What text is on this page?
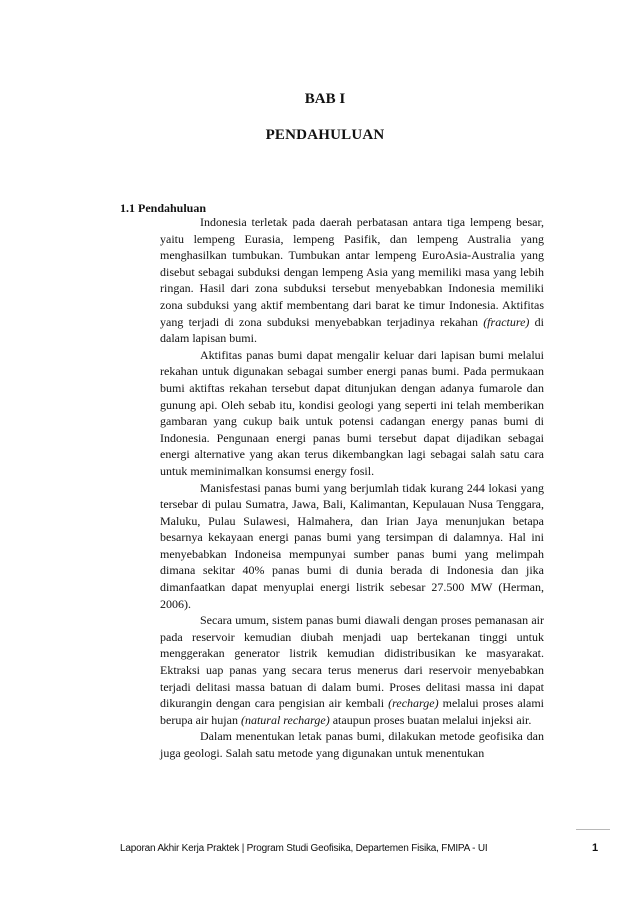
BAB I
PENDAHULUAN
1.1 Pendahuluan

Indonesia terletak pada daerah perbatasan antara tiga lempeng besar, yaitu lempeng Eurasia, lempeng Pasifik, dan lempeng Australia yang menghasilkan tumbukan. Tumbukan antar lempeng EuroAsia-Australia yang disebut sebagai subduksi dengan lempeng Asia yang memiliki masa yang lebih ringan. Hasil dari zona subduksi tersebut menyebabkan Indonesia memiliki zona subduksi yang aktif membentang dari barat ke timur Indonesia. Aktifitas yang terjadi di zona subduksi menyebabkan terjadinya rekahan (fracture) di dalam lapisan bumi.

Aktifitas panas bumi dapat mengalir keluar dari lapisan bumi melalui rekahan untuk digunakan sebagai sumber energi panas bumi. Pada permukaan bumi aktiftas rekahan tersebut dapat ditunjukan dengan adanya fumarole dan gunung api. Oleh sebab itu, kondisi geologi yang seperti ini telah memberikan gambaran yang cukup baik untuk potensi cadangan energy panas bumi di Indonesia. Pengunaan energi panas bumi tersebut dapat dijadikan sebagai energi alternative yang akan terus dikembangkan lagi sebagai salah satu cara untuk meminimalkan konsumsi energy fosil.

Manisfestasi panas bumi yang berjumlah tidak kurang 244 lokasi yang tersebar di pulau Sumatra, Jawa, Bali, Kalimantan, Kepulauan Nusa Tenggara, Maluku, Pulau Sulawesi, Halmahera, dan Irian Jaya menunjukan betapa besarnya kekayaan energi panas bumi yang tersimpan di dalamnya. Hal ini menyebabkan Indoneisa mempunyai sumber panas bumi yang melimpah dimana sekitar 40% panas bumi di dunia berada di Indonesia dan jika dimanfaatkan dapat menyuplai energi listrik sebesar 27.500 MW (Herman, 2006).

Secara umum, sistem panas bumi diawali dengan proses pemanasan air pada reservoir kemudian diubah menjadi uap bertekanan tinggi untuk menggerakan generator listrik kemudian didistribusikan ke masyarakat. Ektraksi uap panas yang secara terus menerus dari reservoir menyebabkan terjadi delitasi massa batuan di dalam bumi. Proses delitasi massa ini dapat dikurangin dengan cara pengisian air kembali (recharge) melalui proses alami berupa air hujan (natural recharge) ataupun proses buatan melalui injeksi air.

Dalam menentukan letak panas bumi, dilakukan metode geofisika dan juga geologi. Salah satu metode yang digunakan untuk menentukan

Laporan Akhir Kerja Praktek | Program Studi Geofisika, Departemen Fisika, FMIPA - UI	1
